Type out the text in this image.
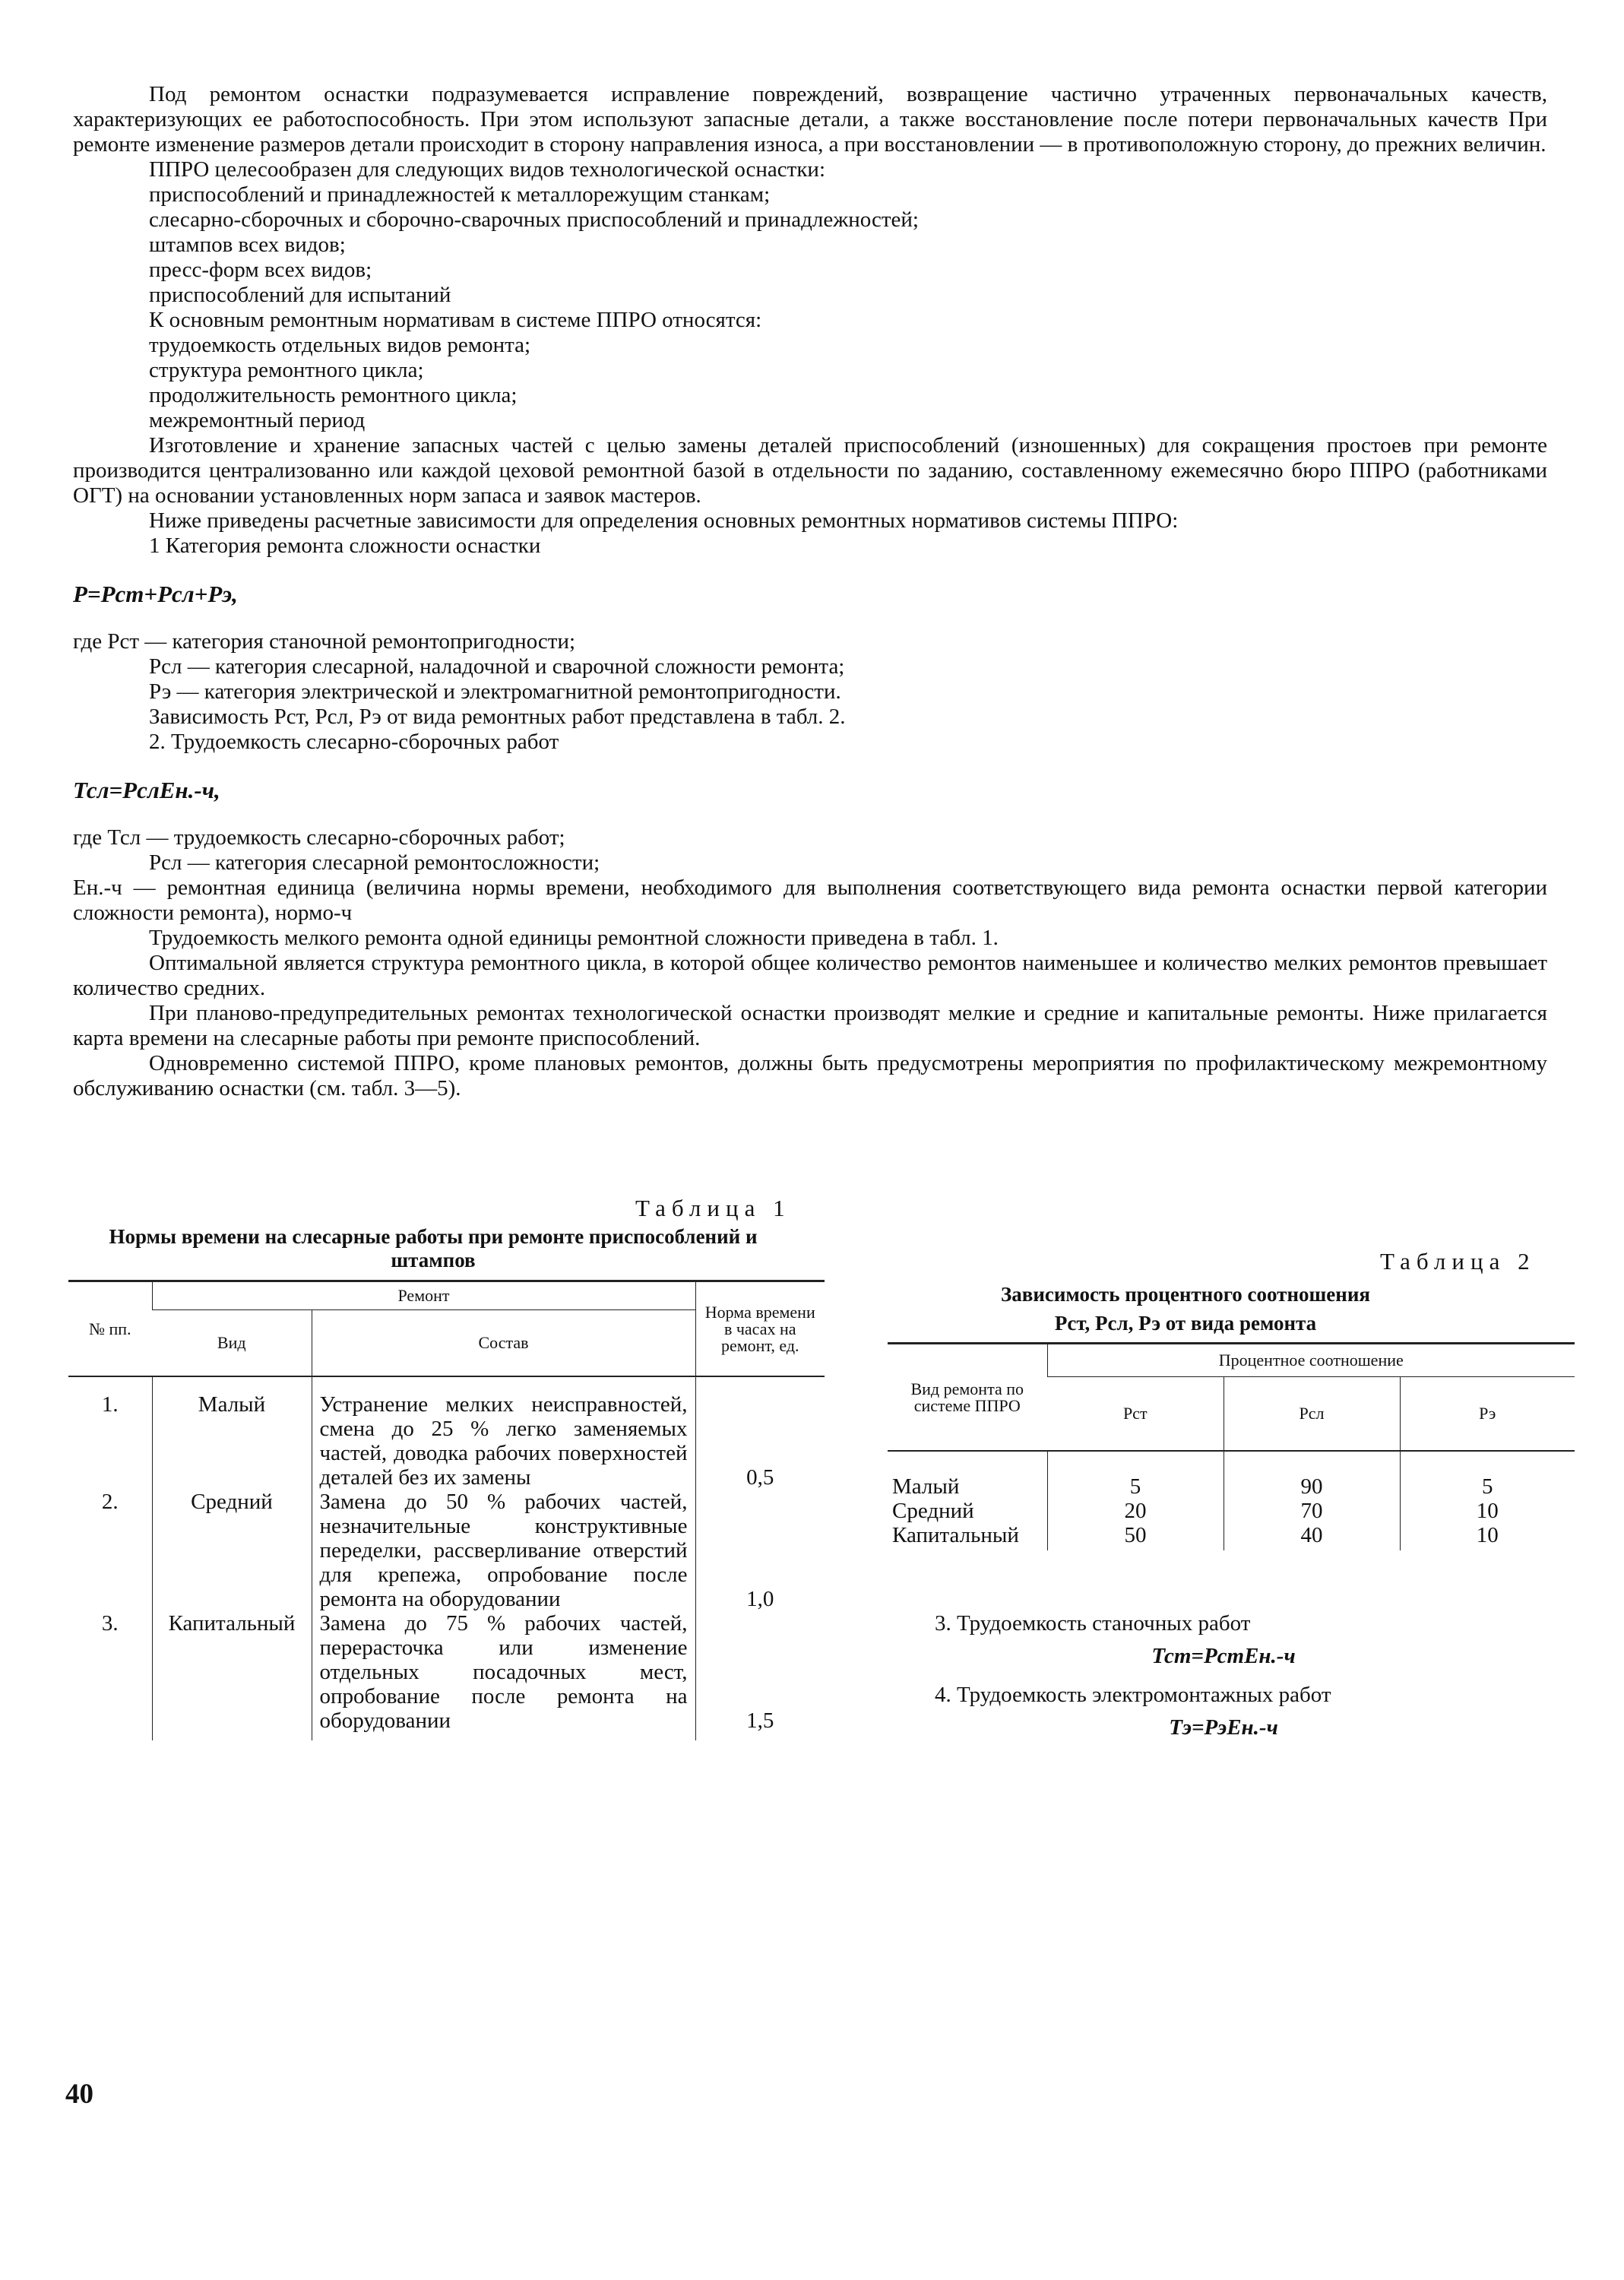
Под ремонтом оснастки подразумевается исправление повреждений, возвращение частично утраченных первоначальных качеств, характеризующих ее работоспособность. При этом используют запасные детали, а также восстановление после потери первоначальных качеств При ремонте изменение размеров детали происходит в сторону направления износа, а при восстановлении — в противоположную сторону, до прежних величин.

ППРО целесообразен для следующих видов технологической оснастки:

приспособлений и принадлежностей к металлорежущим станкам;

слесарно-сборочных и сборочно-сварочных приспособлений и принадлежностей;

штампов всех видов;

пресс-форм всех видов;

приспособлений для испытаний

К основным ремонтным нормативам в системе ППРО относятся:

трудоемкость отдельных видов ремонта;

структура ремонтного цикла;

продолжительность ремонтного цикла;

межремонтный период

Изготовление и хранение запасных частей с целью замены деталей приспособлений (изношенных) для сокращения простоев при ремонте производится централизованно или каждой цеховой ремонтной базой в отдельности по заданию, составленному ежемесячно бюро ППРО (работниками ОГТ) на основании установленных норм запаса и заявок мастеров.

Ниже приведены расчетные зависимости для определения основных ремонтных нормативов системы ППРО:

1 Категория ремонта сложности оснастки

Р=Рст+Рсл+Рэ,

где Рст — категория станочной ремонтопригодности;

Рсл — категория слесарной, наладочной и сварочной сложности ремонта;

Рэ — категория электрической и электромагнитной ремонтопригодности.

Зависимость Рст, Рсл, Рэ от вида ремонтных работ представлена в табл. 2.

2. Трудоемкость слесарно-сборочных работ

Тсл=РслЕн.-ч,

где Тсл — трудоемкость слесарно-сборочных работ;

Рсл — категория слесарной ремонтосложности;

Ен.-ч — ремонтная единица (величина нормы времени, необходимого для выполнения соответствующего вида ремонта оснастки первой категории сложности ремонта), нормо-ч

Трудоемкость мелкого ремонта одной единицы ремонтной сложности приведена в табл. 1.

Оптимальной является структура ремонтного цикла, в которой общее количество ремонтов наименьшее и количество мелких ремонтов превышает количество средних.

При планово-предупредительных ремонтах технологической оснастки производят мелкие и средние и капитальные ремонты. Ниже прилагается карта времени на слесарные работы при ремонте приспособлений.

Одновременно системой ППРО, кроме плановых ремонтов, должны быть предусмотрены мероприятия по профилактическому межремонтному обслуживанию оснастки (см. табл. 3—5).

Таблица 1
Нормы времени на слесарные работы при ремонте приспособлений и штампов
№ пп.	Ремонт		Норма времени в часах на ремонт, ед.
	Вид	Состав	
1.	Малый	Устранение мелких неисправностей, смена до 25 % легко заменяемых частей, доводка рабочих поверхностей деталей без их замены	0,5
2.	Средний	Замена до 50 % рабочих частей, незначительные конструктивные переделки, рассверливание отверстий для крепежа, опробование после ремонта на оборудовании	1,0
3.	Капитальный	Замена до 75 % рабочих частей, перерасточка или изменение отдельных посадочных мест, опробование после ремонта на оборудовании	1,5
Таблица 2
Зависимость процентного соотношения
Рст, Рсл, Рэ от вида ремонта
Вид ремонта по системе ППРО	Процентное соотношение		
	Рст	Рсл	Рэ
Малый	5	90	5
Средний	20	70	10
Капитальный	50	40	10

3. Трудоемкость станочных работ

Тст=РстЕн.-ч

4. Трудоемкость электромонтажных работ

Тэ=РэЕн.-ч

40
